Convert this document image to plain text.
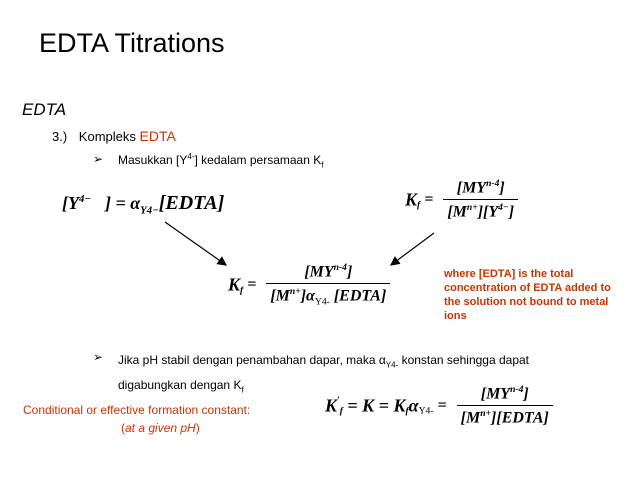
EDTA Titrations
EDTA
3.) Kompleks EDTA
➢ Masukkan $[Y^{4-}]$ kedalam persamaan $K_f$
[$Y^{4-}$ ] = $\alpha_{Y4-}[EDTA]$	$K_f = \frac{[MY^{n-4}]}{[M^{n+}][Y^{4-}]}$
$K_f = \frac{[MY^{n-4}]}{[M^{n+}]\alpha_{Y4-} [EDTA]}$	where [EDTA] is the total concentration of EDTA added to the solution not bound to metal ions
➢ Jika pH stabil dengan penambahan dapar, maka $\alpha_{Y4-}$ konstan sehingga dapat
digabungkan dengan $K_f$
Conditional or effective formation constant:
(at a given pH)
$K'_f = K = K_f\alpha_{Y4-} = \frac{[MY^{n-4}]}{[M^{n+}][EDTA]}$
